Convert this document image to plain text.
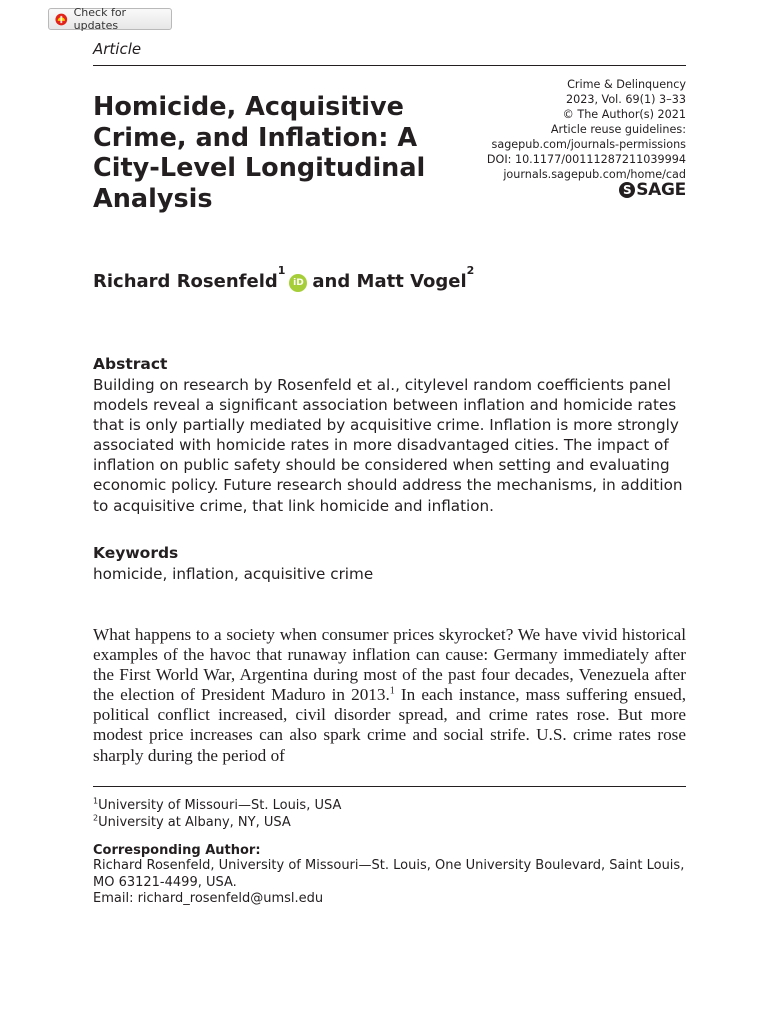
Check for updates
Article
Crime & Delinquency
2023, Vol. 69(1) 3–33
© The Author(s) 2021
Article reuse guidelines:
sagepub.com/journals-permissions
DOI: 10.1177/00111287211039994
journals.sagepub.com/home/cad
S SAGE
Homicide, Acquisitive Crime, and Inflation: A City-Level Longitudinal Analysis
Richard Rosenfeld
1
iD and
Matt Vogel
2
Abstract

Building on research by Rosenfeld et al., citylevel random coefficients panel models reveal a significant association between inflation and homicide rates that is only partially mediated by acquisitive crime. Inflation is more strongly associated with homicide rates in more disadvantaged cities. The impact of inflation on public safety should be considered when setting and evaluating economic policy. Future research should address the mechanisms, in addition to acquisitive crime, that link homicide and inflation.

Keywords
homicide, inflation, acquisitive crime

What happens to a society when consumer prices skyrocket? We have vivid historical examples of the havoc that runaway inflation can cause: Germany immediately after the First World War, Argentina during most of the past four decades, Venezuela after the election of President Maduro in 2013.$^1$ In each instance, mass suffering ensued, political conflict increased, civil disorder spread, and crime rates rose. But more modest price increases can also spark crime and social strife. U.S. crime rates rose sharply during the period of

$^1$University of Missouri—St. Louis, USA
$^2$University at Albany, NY, USA
Corresponding Author:
Richard Rosenfeld, University of Missouri—St. Louis, One University Boulevard, Saint Louis,
MO 63121-4499, USA.
Email: richard_rosenfeld@umsl.edu
